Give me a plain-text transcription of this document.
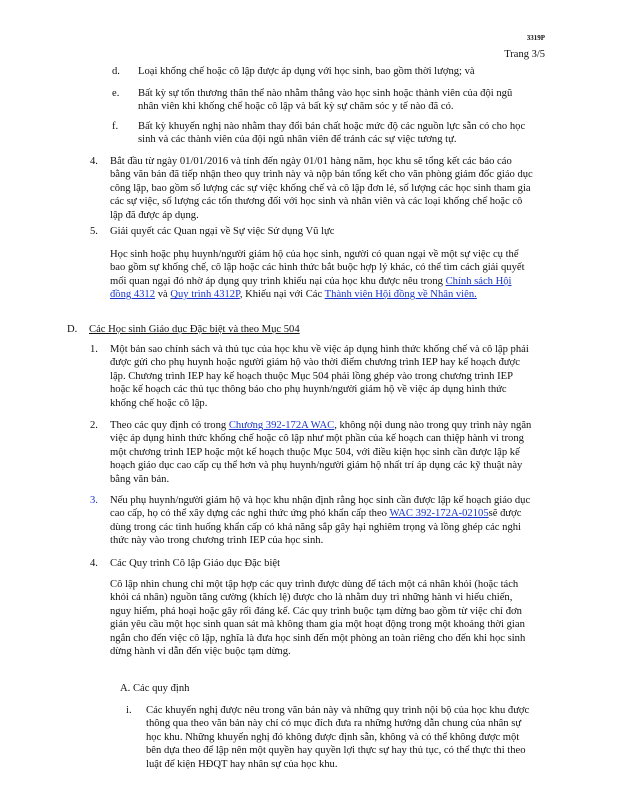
3319P
Trang 3/5
d. Loại khống chế hoặc cô lập được áp dụng với học sinh, bao gồm thời lượng; và

e. Bất kỳ sự tổn thương thân thể nào nhằm thẳng vào học sinh hoặc thành viên của đội ngũ nhân viên khi khống chế hoặc cô lập và bất kỳ sự chăm sóc y tế nào đã có.

f. Bất kỳ khuyến nghị nào nhằm thay đổi bản chất hoặc mức độ các nguồn lực sẵn có cho học sinh và các thành viên của đội ngũ nhân viên để tránh các sự việc tương tự.

4. Bắt đầu từ ngày 01/01/2016 và tính đến ngày 01/01 hàng năm, học khu sẽ tổng kết các báo cáo bằng văn bản đã tiếp nhận theo quy trình này và nộp bản tổng kết cho văn phòng giám đốc giáo dục công lập, bao gồm số lượng các sự việc khống chế và cô lập đơn lẻ, số lượng các học sinh tham gia các sự việc, số lượng các tổn thương đối với học sinh và nhân viên và các loại khống chế hoặc cô lập đã được áp dụng.

5. Giải quyết các Quan ngại về Sự việc Sử dụng Vũ lực

Học sinh hoặc phụ huynh/người giám hộ của học sinh, người có quan ngại về một sự việc cụ thể bao gồm sự khống chế, cô lập hoặc các hình thức bắt buộc hợp lý khác, có thể tìm cách giải quyết mối quan ngại đó nhờ áp dụng quy trình khiếu nại của học khu được nêu trong Chính sách Hội đồng 4312 và Quy trình 4312P, Khiếu nại với Các Thành viên Hội đồng về Nhân viên.

D. Các Học sinh Giáo dục Đặc biệt và theo Mục 504

1. Một bản sao chính sách và thủ tục của học khu về việc áp dụng hình thức khống chế và cô lập phải được gửi cho phụ huynh hoặc người giám hộ vào thời điểm chương trình IEP hay kế hoạch được lập. Chương trình IEP hay kế hoạch thuộc Mục 504 phải lồng ghép vào trong chương trình IEP hoặc kế hoạch các thủ tục thông báo cho phụ huynh/người giám hộ về việc áp dụng hình thức khống chế hoặc cô lập.

2. Theo các quy định có trong Chương 392-172A WAC, không nội dung nào trong quy trình này ngăn việc áp dụng hình thức khống chế hoặc cô lập như một phần của kế hoạch can thiệp hành vi trong một chương trình IEP hoặc một kế hoạch thuộc Mục 504, với điều kiện học sinh cần được lập kế hoạch giáo dục cao cấp cụ thể hơn và phụ huynh/người giám hộ nhất trí áp dụng các kỹ thuật này bằng văn bản.

3. Nếu phụ huynh/người giám hộ và học khu nhận định rằng học sinh cần được lập kế hoạch giáo dục cao cấp, họ có thể xây dựng các nghi thức ứng phó khẩn cấp theo WAC 392-172A-02105sẽ được dùng trong các tình huống khẩn cấp có khả năng sắp gây hại nghiêm trọng và lồng ghép các nghi thức này vào trong chương trình IEP của học sinh.

4. Các Quy trình Cô lập Giáo dục Đặc biệt

Cô lập nhìn chung chỉ một tập hợp các quy trình được dùng để tách một cá nhân khỏi (hoặc tách khỏi cá nhân) nguồn tăng cường (khích lệ) được cho là nhằm duy trì những hành vi hiếu chiến, nguy hiểm, phá hoại hoặc gây rối đáng kể. Các quy trình buộc tạm dừng bao gồm từ việc chỉ đơn giản yêu cầu một học sinh quan sát mà không tham gia một hoạt động trong một khoảng thời gian ngắn cho đến việc cô lập, nghĩa là đưa học sinh đến một phòng an toàn riêng cho đến khi học sinh dừng hành vi dẫn đến việc buộc tạm dừng.

A. Các quy định

i. Các khuyến nghị được nêu trong văn bản này và những quy trình nội bộ của học khu được thông qua theo văn bản này chỉ có mục đích đưa ra những hướng dẫn chung của nhân sự học khu. Những khuyến nghị đó không được định sẵn, không và có thể không được một bên dựa theo để lập nên một quyền hay quyền lợi thực sự hay thủ tục, có thể thực thi theo luật để kiện HĐQT hay nhân sự của học khu.
